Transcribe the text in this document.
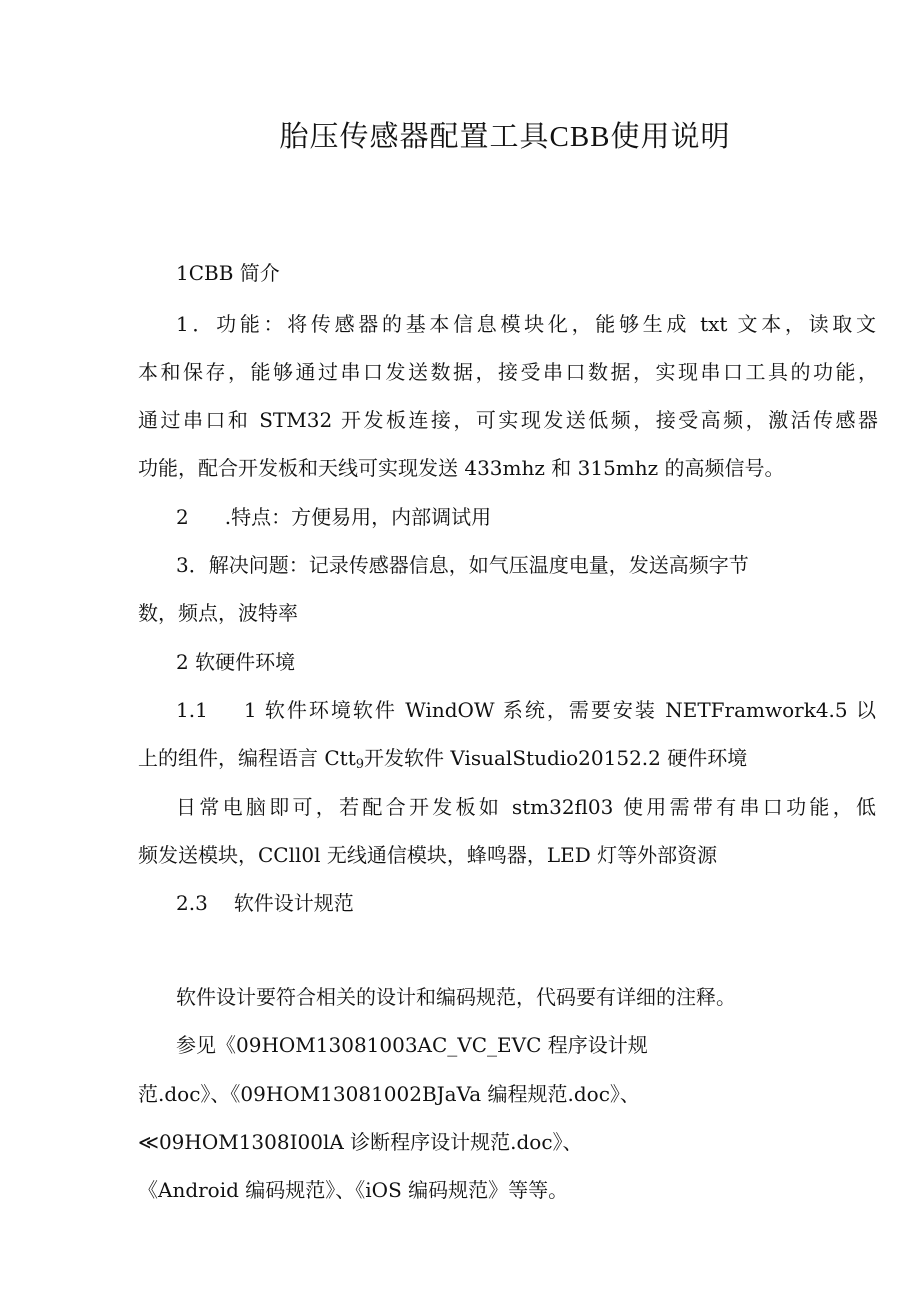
胎压传感器配置工具CBB使用说明

1CBB 简介

1．功能：将传感器的基本信息模块化，能够生成 txt 文本，读取文

本和保存，能够通过串口发送数据，接受串口数据，实现串口工具的功能，

通过串口和 STM32 开发板连接，可实现发送低频，接受高频，激活传感器

功能，配合开发板和天线可实现发送 433mhz 和 315mhz 的高频信号。

2 .特点：方便易用，内部调试用

3．解决问题：记录传感器信息，如气压温度电量，发送高频字节

数，频点，波特率

2 软硬件环境

1.1 1 软件环境软件 WindOW 系统，需要安装 NETFramwork4.5 以

上的组件，编程语言 Ctt$_9$开发软件 VisualStudio20152.2 硬件环境

日常电脑即可，若配合开发板如 stm32fl03 使用需带有串口功能，低

频发送模块，CCll0l 无线通信模块，蜂鸣器，LED 灯等外部资源

2.3 软件设计规范

软件设计要符合相关的设计和编码规范，代码要有详细的注释。

参见《09HOM13081003AC_VC_EVC 程序设计规

范.doc》、《09HOM13081002BJaVa 编程规范.doc》、

≪09HOM1308I00lA 诊断程序设计规范.doc》、

《Android 编码规范》、《iOS 编码规范》等等。
